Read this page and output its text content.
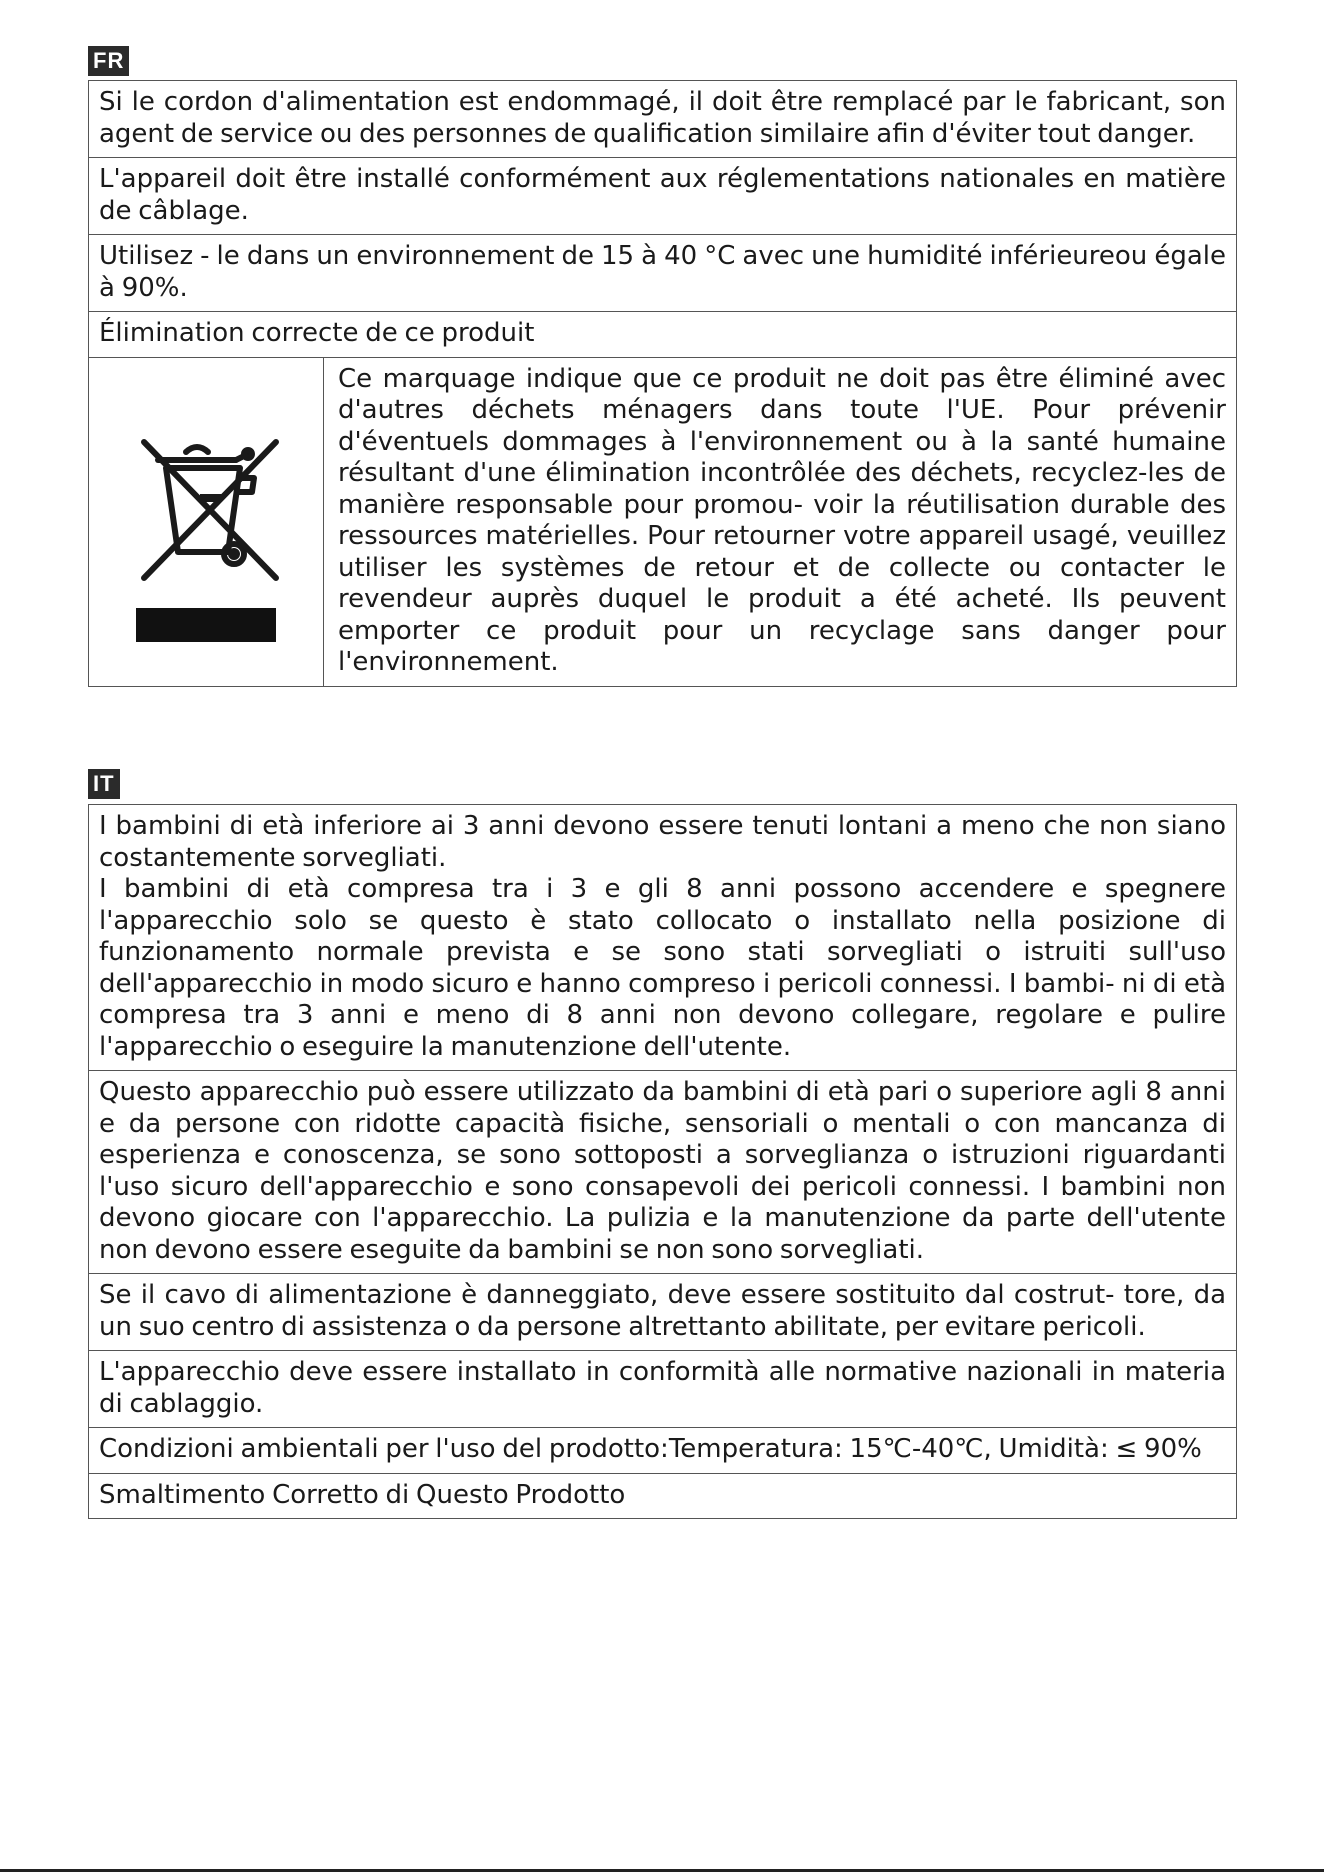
FR
Si le cordon d'alimentation est endommagé, il doit être remplacé par le fabricant, son agent de service ou des personnes de qualification similaire afin d'éviter tout danger.
L'appareil doit être installé conformément aux réglementations nationales en matière de câblage.
Utilisez - le dans un environnement de 15 à 40 °C avec une humidité inférieureou égale à 90%.
Élimination correcte de ce produit
Ce marquage indique que ce produit ne doit pas être éliminé avec d'autres déchets ménagers dans toute l'UE. Pour prévenir d'éventuels dommages à l'environnement ou à la santé humaine résultant d'une élimination incontrôlée des déchets, recyclez-les de manière responsable pour promou- voir la réutilisation durable des ressources matérielles. Pour retourner votre appareil usagé, veuillez utiliser les systèmes de retour et de collecte ou contacter le revendeur auprès duquel le produit a été acheté. Ils peuvent emporter ce produit pour un recyclage sans danger pour l'environnement.
IT
I bambini di età inferiore ai 3 anni devono essere tenuti lontani a meno che non siano costantemente sorvegliati.
I bambini di età compresa tra i 3 e gli 8 anni possono accendere e spegnere l'apparecchio solo se questo è stato collocato o installato nella posizione di funzionamento normale prevista e se sono stati sorvegliati o istruiti sull'uso dell'apparecchio in modo sicuro e hanno compreso i pericoli connessi. I bambi- ni di età compresa tra 3 anni e meno di 8 anni non devono collegare, regolare e pulire l'apparecchio o eseguire la manutenzione dell'utente.
Questo apparecchio può essere utilizzato da bambini di età pari o superiore agli 8 anni e da persone con ridotte capacità fisiche, sensoriali o mentali o con mancanza di esperienza e conoscenza, se sono sottoposti a sorveglianza o istruzioni riguardanti l'uso sicuro dell'apparecchio e sono consapevoli dei pericoli connessi. I bambini non devono giocare con l'apparecchio. La pulizia e la manutenzione da parte dell'utente non devono essere eseguite da bambini se non sono sorvegliati.
Se il cavo di alimentazione è danneggiato, deve essere sostituito dal costrut- tore, da un suo centro di assistenza o da persone altrettanto abilitate, per evitare pericoli.
L'apparecchio deve essere installato in conformità alle normative nazionali in materia di cablaggio.
Condizioni ambientali per l'uso del prodotto:Temperatura: 15℃-40℃, Umidità: ≤ 90%
Smaltimento Corretto di Questo Prodotto
